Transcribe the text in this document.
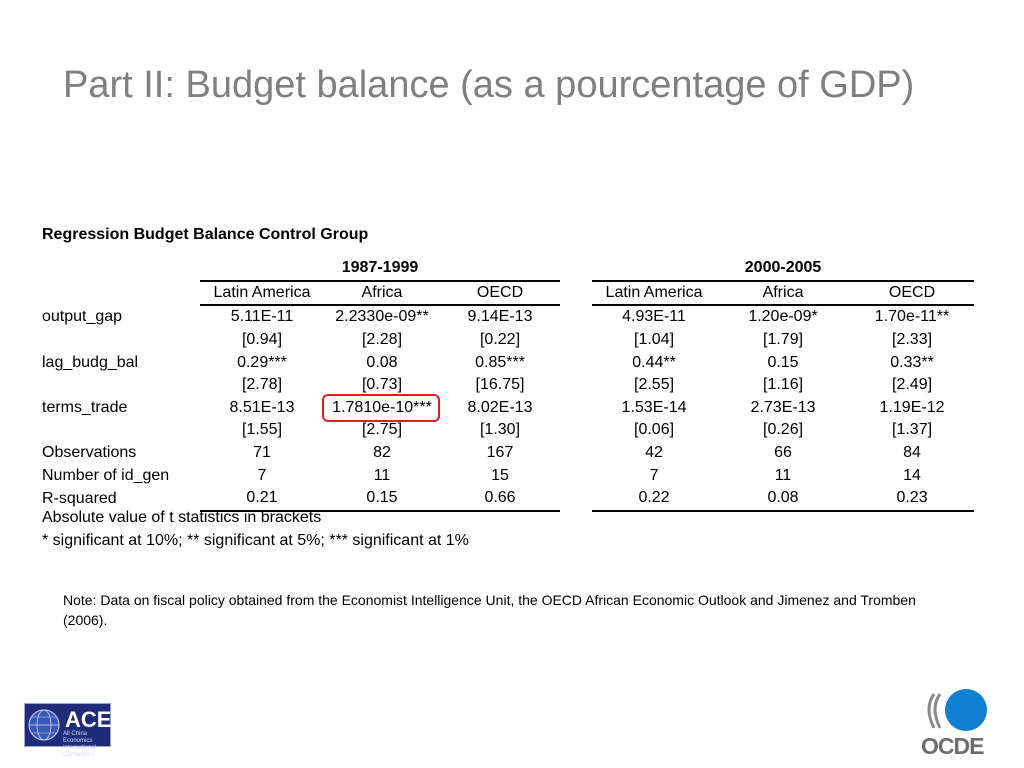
Part II: Budget balance (as a pourcentage of GDP)
Regression Budget Balance Control Group
	1987-1999				2000-2005		
	Latin America	Africa	OECD		Latin America	Africa	OECD
output_gap	5.11E-11	2.2330e-09**	9.14E-13		4.93E-11	1.20e-09*	1.70e-11**
	[0.94]	[2.28]	[0.22]		[1.04]	[1.79]	[2.33]
lag_budg_bal	0.29***	0.08	0.85***		0.44**	0.15	0.33**
	[2.78]	[0.73]	[16.75]		[2.55]	[1.16]	[2.49]
terms_trade	8.51E-13	1.7810e-10***	8.02E-13		1.53E-14	2.73E-13	1.19E-12
	[1.55]	[2.75]	[1.30]		[0.06]	[0.26]	[1.37]
Observations	71	82	167		42	66	84
Number of id_gen	7	11	15		7	11	14
R-squared	0.21	0.15	0.66		0.22	0.08	0.23
Absolute value of t statistics in brackets
* significant at 10%; ** significant at 5%; *** significant at 1%

Note: Data on fiscal policy obtained from the Economist Intelligence Unit, the OECD African Economic Outlook and Jimenez and Tromben (2006).

ACE
All China Economics International Conference	OCDE
